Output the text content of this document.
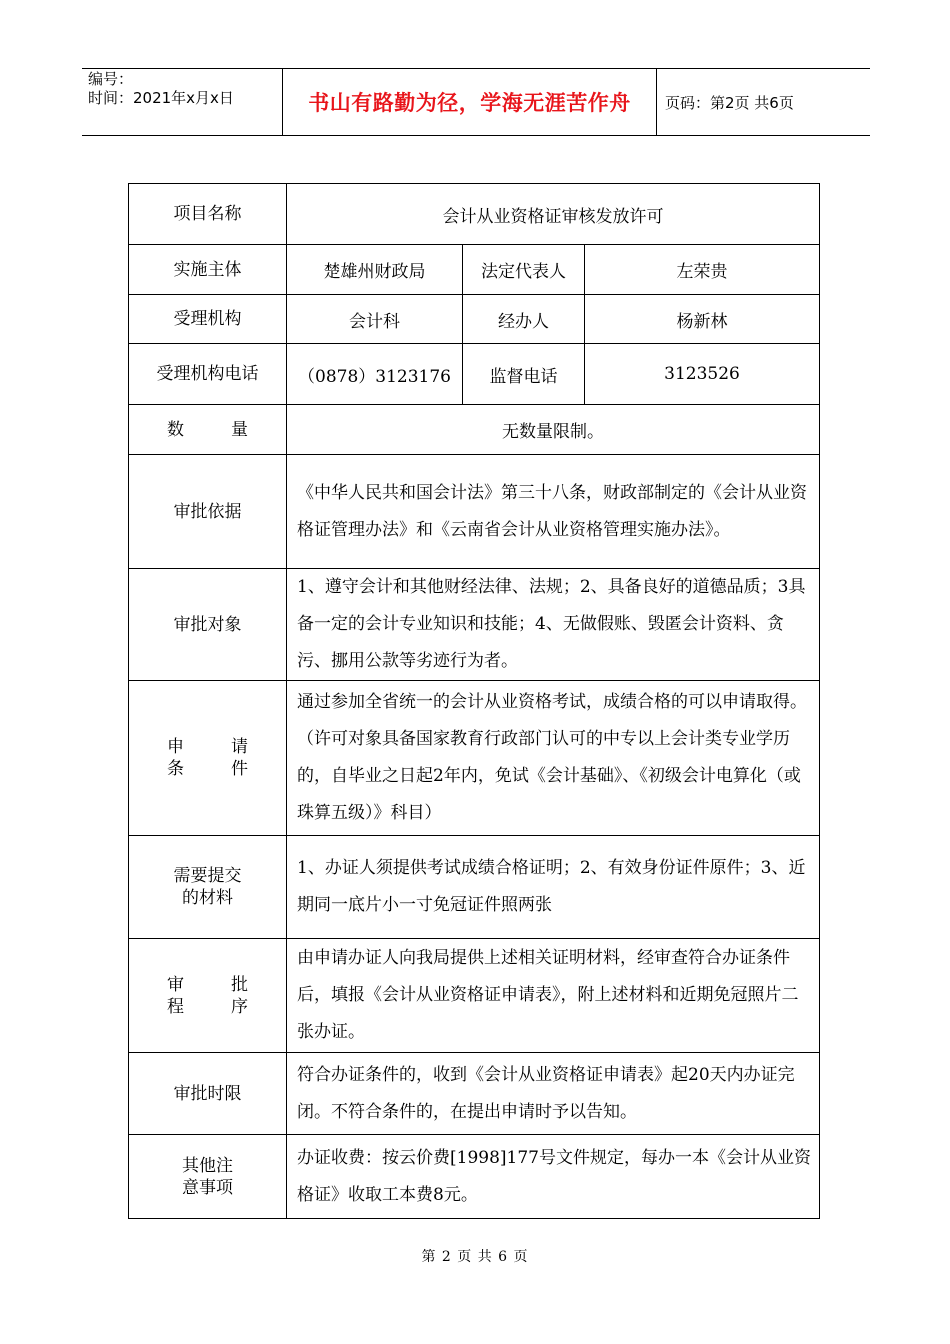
编号：
时间：2021年x月x日	书山有路勤为径，学海无涯苦作舟	页码：第2页 共6页
项目名称	会计从业资格证审核发放许可		
实施主体	楚雄州财政局	法定代表人	左荣贵
受理机构	会计科	经办人	杨新林
受理机构电话	（0878）3123176	监督电话	3123526

数 量	无数量限制。		
审批依据	《中华人民共和国会计法》第三十八条，财政部制定的《会计从业资格证管理办法》和《云南省会计从业资格管理实施办法》。		
审批对象	1、遵守会计和其他财经法律、法规；2、具备良好的道德品质；3具备一定的会计专业知识和技能；4、无做假账、毁匿会计资料、贪污、挪用公款等劣迹行为者。		

申 请
条 件	通过参加全省统一的会计从业资格考试，成绩合格的可以申请取得。（许可对象具备国家教育行政部门认可的中专以上会计类专业学历的，自毕业之日起2年内，免试《会计基础》、《初级会计电算化（或珠算五级）》科目）		

需要提交
的材料	1、办证人须提供考试成绩合格证明；2、有效身份证件原件；3、近期同一底片小一寸免冠证件照两张		

审 批
程 序	由申请办证人向我局提供上述相关证明材料，经审查符合办证条件后，填报《会计从业资格证申请表》，附上述材料和近期免冠照片二张办证。		
审批时限	符合办证条件的，收到《会计从业资格证申请表》起20天内办证完闭。不符合条件的，在提出申请时予以告知。		

其他注
意事项	办证收费：按云价费[1998]177号文件规定，每办一本《会计从业资格证》收取工本费8元。		
第 2 页 共 6 页
